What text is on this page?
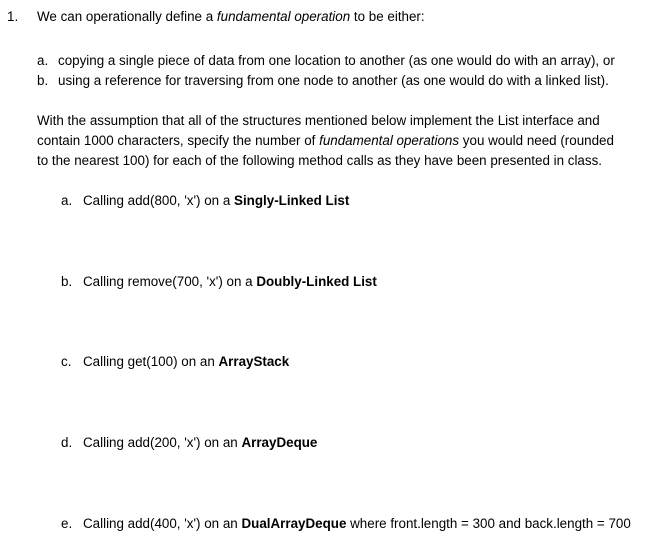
1. We can operationally define a fundamental operation to be either:
a. copying a single piece of data from one location to another (as one would do with an array), or
b. using a reference for traversing from one node to another (as one would do with a linked list).
With the assumption that all of the structures mentioned below implement the List interface and
contain 1000 characters, specify the number of fundamental operations you would need (rounded
to the nearest 100) for each of the following method calls as they have been presented in class.
a. Calling add(800, 'x') on a Singly-Linked List
b. Calling remove(700, 'x') on a Doubly-Linked List
c. Calling get(100) on an ArrayStack
d. Calling add(200, 'x') on an ArrayDeque
e. Calling add(400, 'x') on an DualArrayDeque where front.length = 300 and back.length = 700
